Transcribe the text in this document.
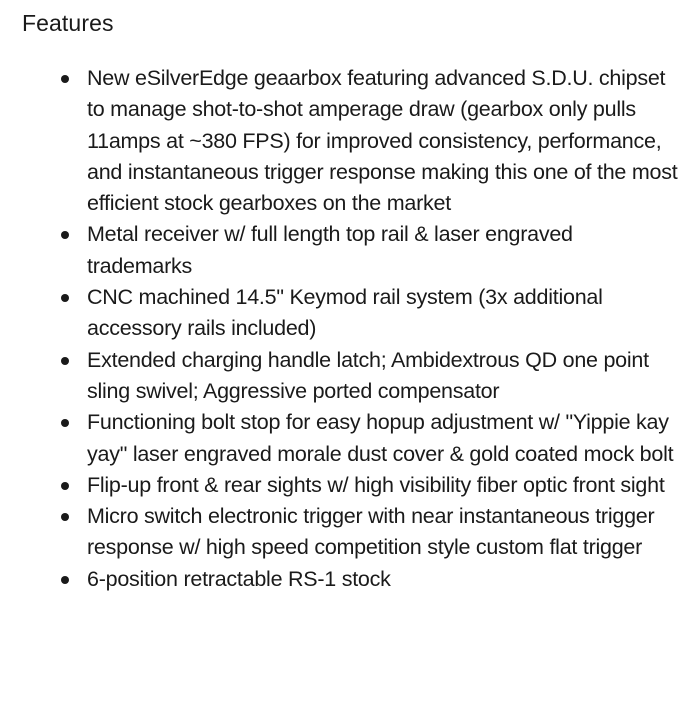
Features
New eSilverEdge geaarbox featuring advanced S.D.U. chipset to manage shot-to-shot amperage draw (gearbox only pulls 11amps at ~380 FPS) for improved consistency, performance, and instantaneous trigger response making this one of the most efficient stock gearboxes on the market
Metal receiver w/ full length top rail & laser engraved trademarks
CNC machined 14.5" Keymod rail system (3x additional accessory rails included)
Extended charging handle latch; Ambidextrous QD one point sling swivel; Aggressive ported compensator
Functioning bolt stop for easy hopup adjustment w/ "Yippie kay yay" laser engraved morale dust cover & gold coated mock bolt
Flip-up front & rear sights w/ high visibility fiber optic front sight
Micro switch electronic trigger with near instantaneous trigger response w/ high speed competition style custom flat trigger
6-position retractable RS-1 stock
